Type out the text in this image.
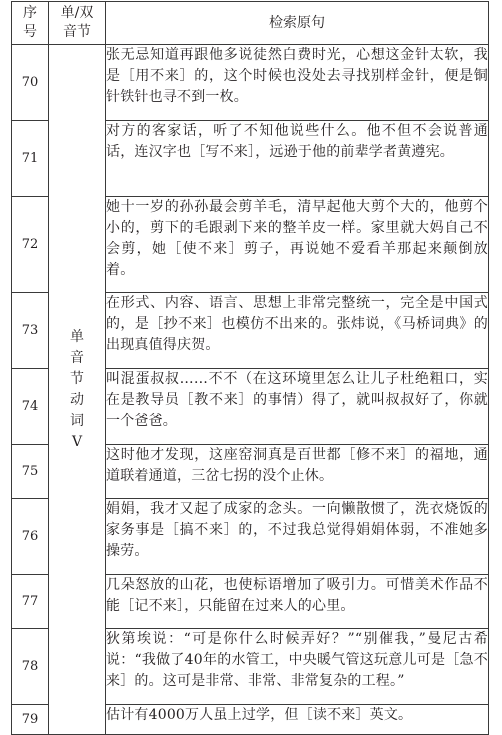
序号	单/双音节	检索原句
70	单音节动词V	张无忌知道再跟他多说徒然白费时光，心想这金针太软，我是［用不来］的，这个时候也没处去寻找别样金针，便是铜针铁针也寻不到一枚。
71		对方的客家话，听了不知他说些什么。他不但不会说普通话，连汉字也［写不来］，远逊于他的前辈学者黄遵宪。
72		她十一岁的孙孙最会剪羊毛，清早起他大剪个大的，他剪个小的，剪下的毛跟剥下来的整羊皮一样。家里就大妈自己不会剪，她［使不来］剪子，再说她不爱看羊那起来颠倒放着。
73		在形式、内容、语言、思想上非常完整统一，完全是中国式的，是［抄不来］也模仿不出来的。张炜说，《马桥词典》的出现真值得庆贺。
74		叫混蛋叔叔……不不（在这环境里怎么让儿子杜绝粗口，实在是教导员［教不来］的事情）得了，就叫叔叔好了，你就一个爸爸。
75		这时他才发现，这座窑洞真是百世都［修不来］的福地，通道联着通道，三岔七拐的没个止休。
76		娟娟，我才又起了成家的念头。一向懒散惯了，洗衣烧饭的家务事是［搞不来］的，不过我总觉得娟娟体弱，不准她多操劳。
77		几朵怒放的山花，也使标语增加了吸引力。可惜美术作品不能［记不来］，只能留在过来人的心里。
78		狄第埃说：“可是你什么时候弄好？”“别催我，”曼尼古希说：“我做了40年的水管工，中央暖气管这玩意儿可是［急不来］的。这可是非常、非常、非常复杂的工程。”
79		估计有4000万人虽上过学，但［读不来］英文。
